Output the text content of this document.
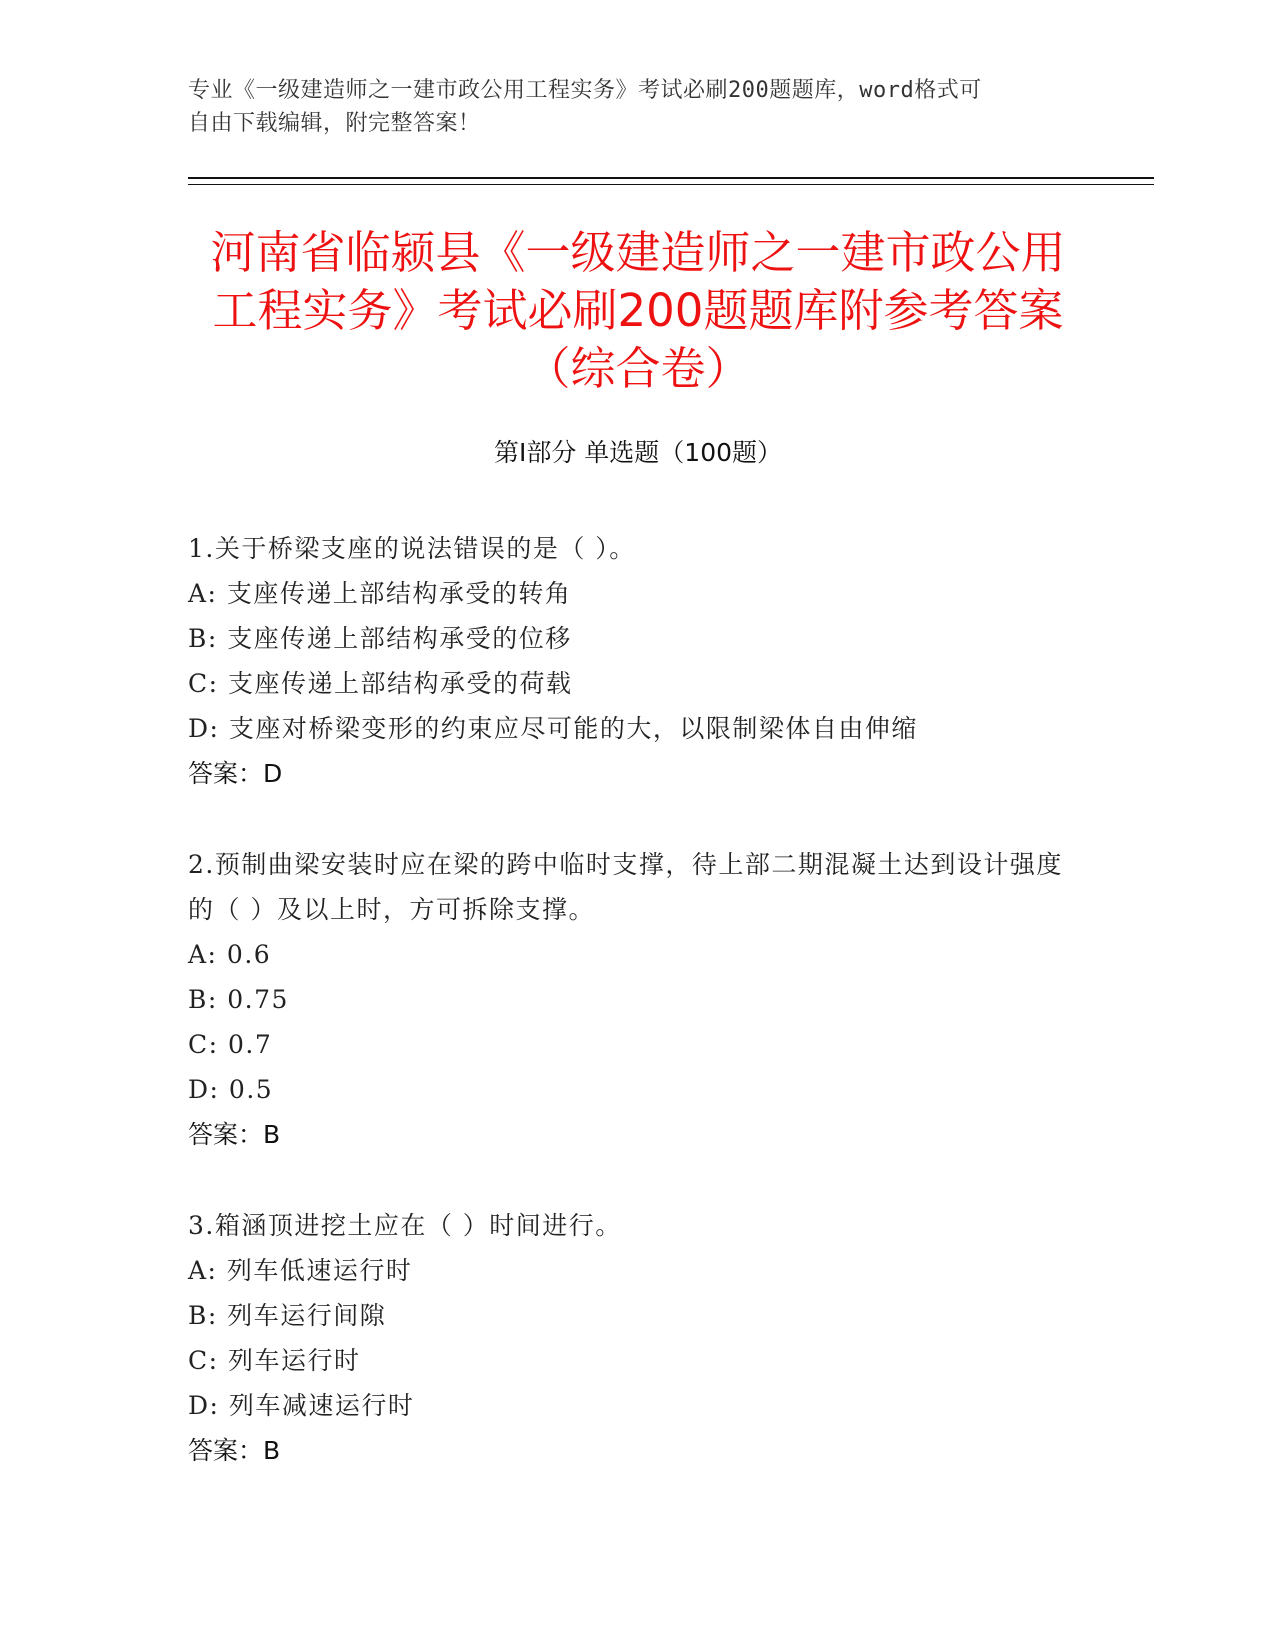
专业《一级建造师之一建市政公用工程实务》考试必刷200题题库，word格式可
自由下载编辑，附完整答案！
河南省临颍县《一级建造师之一建市政公用
工程实务》考试必刷200题题库附参考答案
（综合卷）
第Ⅰ部分 单选题（100题）
1.关于桥梁支座的说法错误的是（ ）。
A: 支座传递上部结构承受的转角
B: 支座传递上部结构承受的位移
C: 支座传递上部结构承受的荷载
D: 支座对桥梁变形的约束应尽可能的大，以限制梁体自由伸缩
答案：D
2.预制曲梁安装时应在梁的跨中临时支撑，待上部二期混凝土达到设计强度的（ ）及以上时，方可拆除支撑。
A: 0.6
B: 0.75
C: 0.7
D: 0.5
答案：B
3.箱涵顶进挖土应在（ ）时间进行。
A: 列车低速运行时
B: 列车运行间隙
C: 列车运行时
D: 列车减速运行时
答案：B
